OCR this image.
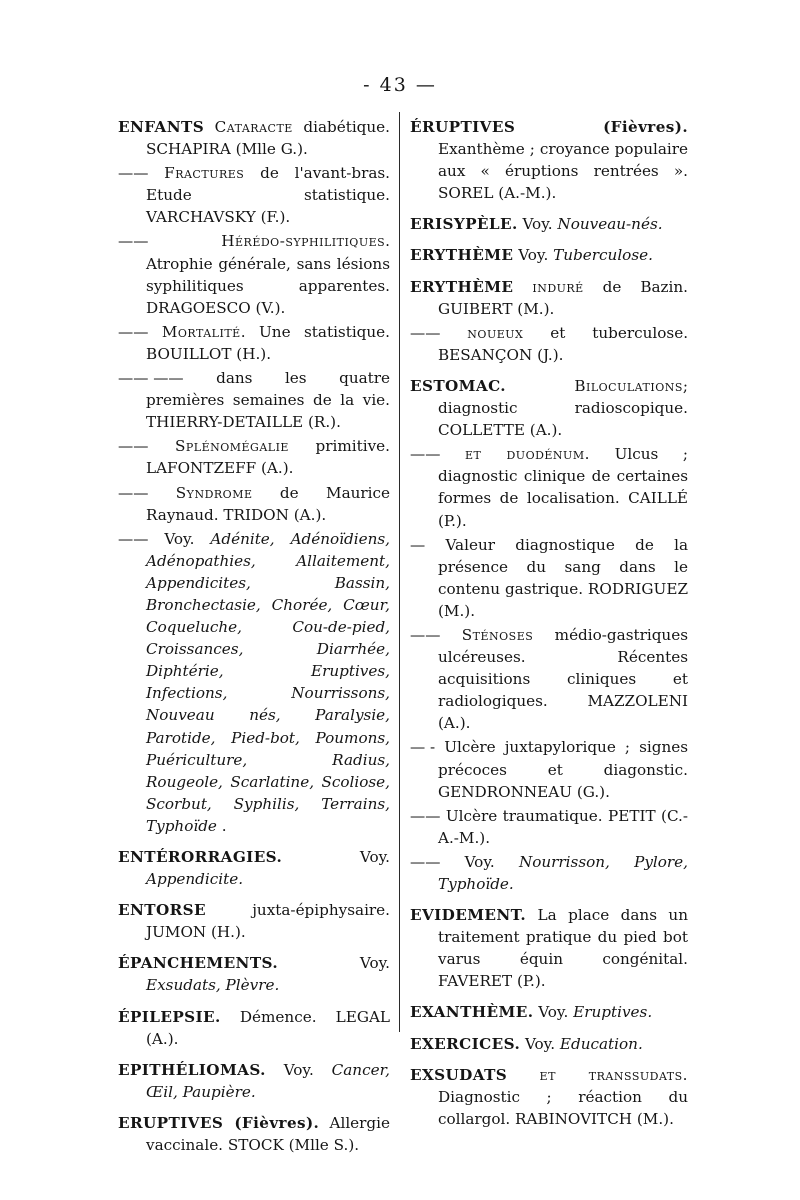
- 43 —

ENFANTS Cataracte diabétique. SCHAPIRA (Mlle G.).

—— Fractures de l'avant-bras. Etude statistique. VARCHAVSKY (F.).

——	Hérédo-syphilitiques. Atrophie générale, sans lésions syphilitiques apparentes. DRAGOESCO (V.).

—— Mortalité. Une statistique. BOUILLOT (H.).

—— —— dans les quatre premières semaines de la vie. THIERRY-DETAILLE (R.).

—— Splénomégalie primitive. LAFONTZEFF (A.).

—— Syndrome de Maurice Raynaud. TRIDON (A.).

—— Voy. Adénite, Adénoïdiens, Adénopathies, Allaitement, Appendicites, Bassin, Bronchectasie, Chorée, Cœur, Coqueluche, Cou-de-pied, Croissances, Diarrhée, Diphtérie, Eruptives, Infections, Nourrissons, Nouveau nés, Paralysie, Parotide, Pied-bot, Poumons, Puériculture, Radius, Rougeole, Scarlatine, Scoliose, Scorbut, Syphilis, Terrains, Typhoïde .

ENTÉRORRAGIES.	Voy. Appendicite.

ENTORSE	juxta-épiphysaire. JUMON (H.).

ÉPANCHEMENTS.	Voy. Exsudats, Plèvre.

ÉPILEPSIE. Démence. LEGAL (A.).

EPITHÉLIOMAS. Voy. Cancer, Œil, Paupière.

ERUPTIVES (Fièvres). Allergie vaccinale. STOCK (Mlle S.).

ÉRUPTIVES (Fièvres). Exanthème ; croyance populaire aux « éruptions rentrées ». SOREL (A.-M.).

ERISYPÈLE. Voy. Nouveau-nés.

ERYTHÈME Voy. Tuberculose.

ERYTHÈME induré de Bazin. GUIBERT (M.).

—— noueux et tuberculose. BESANÇON (J.).

ESTOMAC.	Biloculations; diagnostic radioscopique. COLLETTE (A.).

—— et duodénum. Ulcus ; diagnostic clinique de certaines formes de localisation. CAILLÉ (P.).

— Valeur diagnostique de la présence du sang dans le contenu gastrique. RODRIGUEZ (M.).

—— Sténoses médio-gastriques ulcéreuses. Récentes acquisitions cliniques et radiologiques. MAZZOLENI (A.).

— - Ulcère juxtapylorique ; signes précoces et diagonstic. GENDRONNEAU (G.).

—— Ulcère traumatique. PETIT (C.-A.-M.).

—— Voy. Nourrisson, Pylore, Typhoïde.

EVIDEMENT. La place dans un traitement pratique du pied bot varus équin congénital. FAVERET (P.).

EXANTHÈME. Voy. Eruptives.

EXERCICES. Voy. Education.

EXSUDATS et transsudats. Diagnostic ; réaction du collargol. RABINOVITCH (M.).
